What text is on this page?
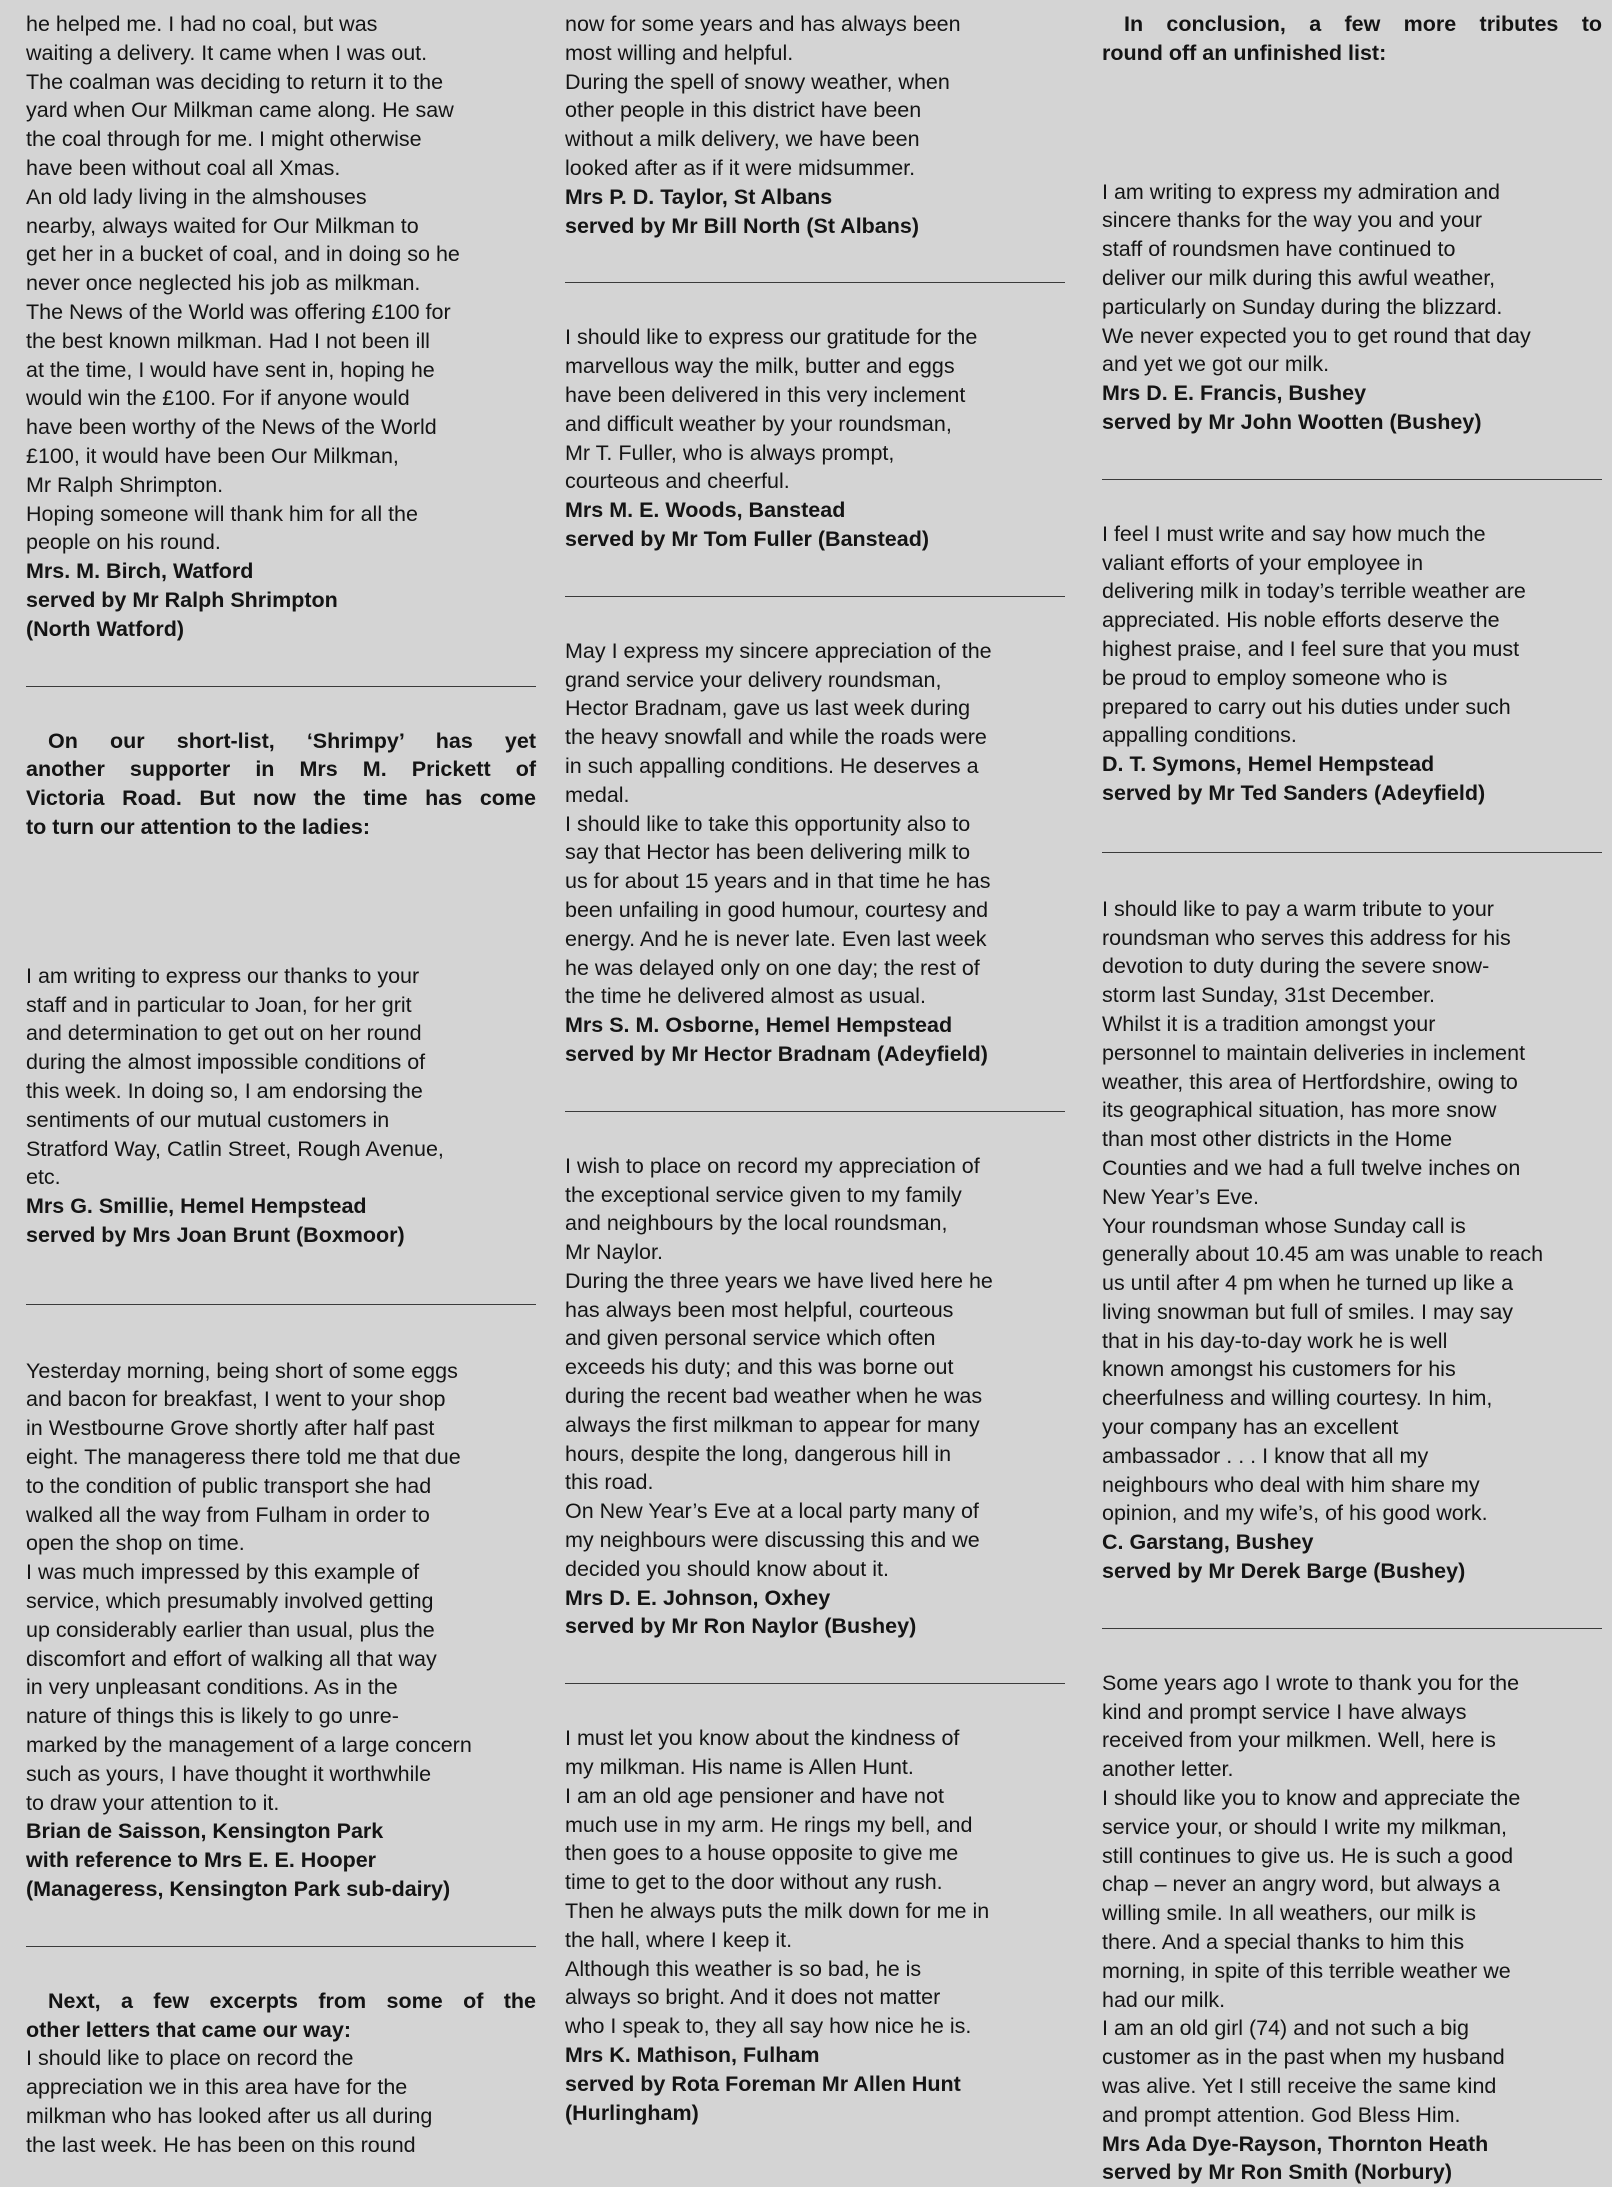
he helped me. I had no coal, but was

waiting a delivery. It came when I was out.

The coalman was deciding to return it to the

yard when Our Milkman came along. He saw

the coal through for me. I might otherwise

have been without coal all Xmas.

An old lady living in the almshouses

nearby, always waited for Our Milkman to

get her in a bucket of coal, and in doing so he

never once neglected his job as milkman.

The News of the World was offering £100 for

the best known milkman. Had I not been ill

at the time, I would have sent in, hoping he

would win the £100. For if anyone would

have been worthy of the News of the World

£100, it would have been Our Milkman,

Mr Ralph Shrimpton.

Hoping someone will thank him for all the

people on his round.

Mrs. M. Birch, Watford

served by Mr Ralph Shrimpton

(North Watford)

On our short-list, ‘Shrimpy’ has yet

another supporter in Mrs M. Prickett of

Victoria Road. But now the time has come

to turn our attention to the ladies:

I am writing to express our thanks to your

staff and in particular to Joan, for her grit

and determination to get out on her round

during the almost impossible conditions of

this week. In doing so, I am endorsing the

sentiments of our mutual customers in

Stratford Way, Catlin Street, Rough Avenue,

etc.

Mrs G. Smillie, Hemel Hempstead

served by Mrs Joan Brunt (Boxmoor)

Yesterday morning, being short of some eggs

and bacon for breakfast, I went to your shop

in Westbourne Grove shortly after half past

eight. The manageress there told me that due

to the condition of public transport she had

walked all the way from Fulham in order to

open the shop on time.

I was much impressed by this example of

service, which presumably involved getting

up considerably earlier than usual, plus the

discomfort and effort of walking all that way

in very unpleasant conditions. As in the

nature of things this is likely to go unre-

marked by the management of a large concern

such as yours, I have thought it worthwhile

to draw your attention to it.

Brian de Saisson, Kensington Park

with reference to Mrs E. E. Hooper

(Manageress, Kensington Park sub-dairy)

Next, a few excerpts from some of the

other letters that came our way:

I should like to place on record the

appreciation we in this area have for the

milkman who has looked after us all during

the last week. He has been on this round

now for some years and has always been

most willing and helpful.

During the spell of snowy weather, when

other people in this district have been

without a milk delivery, we have been

looked after as if it were midsummer.

Mrs P. D. Taylor, St Albans

served by Mr Bill North (St Albans)

I should like to express our gratitude for the

marvellous way the milk, butter and eggs

have been delivered in this very inclement

and difficult weather by your roundsman,

Mr T. Fuller, who is always prompt,

courteous and cheerful.

Mrs M. E. Woods, Banstead

served by Mr Tom Fuller (Banstead)

May I express my sincere appreciation of the

grand service your delivery roundsman,

Hector Bradnam, gave us last week during

the heavy snowfall and while the roads were

in such appalling conditions. He deserves a

medal.

I should like to take this opportunity also to

say that Hector has been delivering milk to

us for about 15 years and in that time he has

been unfailing in good humour, courtesy and

energy. And he is never late. Even last week

he was delayed only on one day; the rest of

the time he delivered almost as usual.

Mrs S. M. Osborne, Hemel Hempstead

served by Mr Hector Bradnam (Adeyfield)

I wish to place on record my appreciation of

the exceptional service given to my family

and neighbours by the local roundsman,

Mr Naylor.

During the three years we have lived here he

has always been most helpful, courteous

and given personal service which often

exceeds his duty; and this was borne out

during the recent bad weather when he was

always the first milkman to appear for many

hours, despite the long, dangerous hill in

this road.

On New Year’s Eve at a local party many of

my neighbours were discussing this and we

decided you should know about it.

Mrs D. E. Johnson, Oxhey

served by Mr Ron Naylor (Bushey)

I must let you know about the kindness of

my milkman. His name is Allen Hunt.

I am an old age pensioner and have not

much use in my arm. He rings my bell, and

then goes to a house opposite to give me

time to get to the door without any rush.

Then he always puts the milk down for me in

the hall, where I keep it.

Although this weather is so bad, he is

always so bright. And it does not matter

who I speak to, they all say how nice he is.

Mrs K. Mathison, Fulham

served by Rota Foreman Mr Allen Hunt

(Hurlingham)

In conclusion, a few more tributes to

round off an unfinished list:

I am writing to express my admiration and

sincere thanks for the way you and your

staff of roundsmen have continued to

deliver our milk during this awful weather,

particularly on Sunday during the blizzard.

We never expected you to get round that day

and yet we got our milk.

Mrs D. E. Francis, Bushey

served by Mr John Wootten (Bushey)

I feel I must write and say how much the

valiant efforts of your employee in

delivering milk in today’s terrible weather are

appreciated. His noble efforts deserve the

highest praise, and I feel sure that you must

be proud to employ someone who is

prepared to carry out his duties under such

appalling conditions.

D. T. Symons, Hemel Hempstead

served by Mr Ted Sanders (Adeyfield)

I should like to pay a warm tribute to your

roundsman who serves this address for his

devotion to duty during the severe snow-

storm last Sunday, 31st December.

Whilst it is a tradition amongst your

personnel to maintain deliveries in inclement

weather, this area of Hertfordshire, owing to

its geographical situation, has more snow

than most other districts in the Home

Counties and we had a full twelve inches on

New Year’s Eve.

Your roundsman whose Sunday call is

generally about 10.45 am was unable to reach

us until after 4 pm when he turned up like a

living snowman but full of smiles. I may say

that in his day-to-day work he is well

known amongst his customers for his

cheerfulness and willing courtesy. In him,

your company has an excellent

ambassador . . . I know that all my

neighbours who deal with him share my

opinion, and my wife’s, of his good work.

C. Garstang, Bushey

served by Mr Derek Barge (Bushey)

Some years ago I wrote to thank you for the

kind and prompt service I have always

received from your milkmen. Well, here is

another letter.

I should like you to know and appreciate the

service your, or should I write my milkman,

still continues to give us. He is such a good

chap – never an angry word, but always a

willing smile. In all weathers, our milk is

there. And a special thanks to him this

morning, in spite of this terrible weather we

had our milk.

I am an old girl (74) and not such a big

customer as in the past when my husband

was alive. Yet I still receive the same kind

and prompt attention. God Bless Him.

Mrs Ada Dye-Rayson, Thornton Heath

served by Mr Ron Smith (Norbury)
